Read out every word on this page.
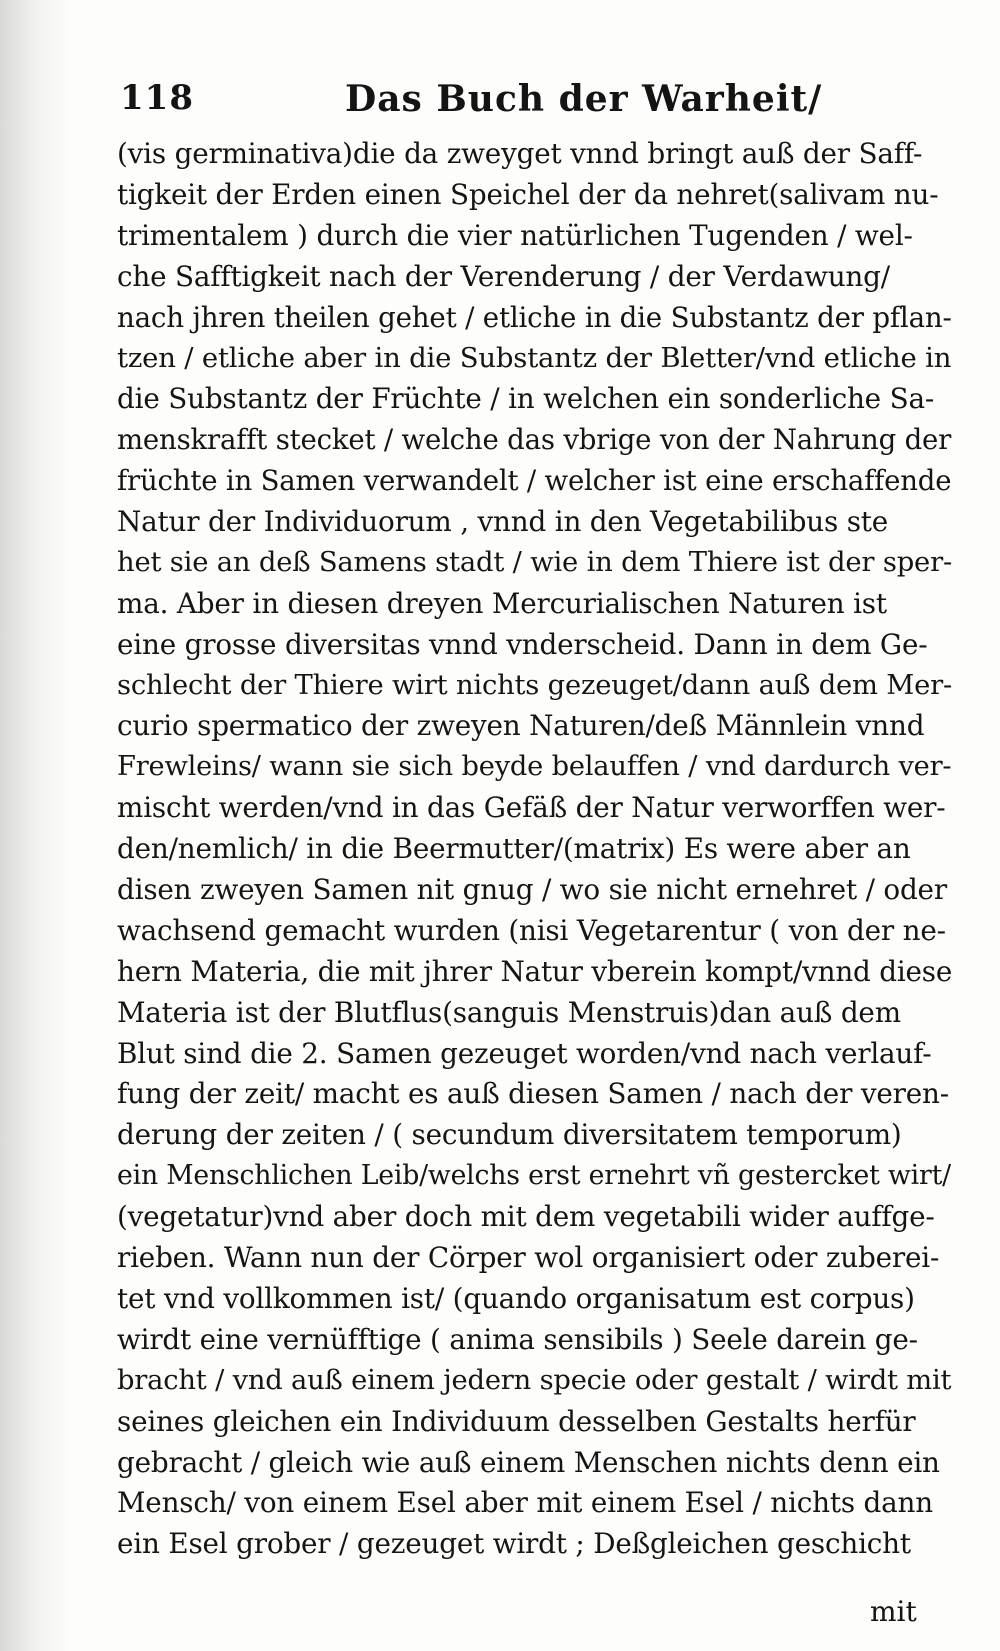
118	Das Buch der Warheit/
(vis germinativa)die da zweyget vnnd bringt auß der Saff-
tigkeit der Erden einen Speichel der da nehret(salivam nu-
trimentalem ) durch die vier natürlichen Tugenden / wel-
che Safftigkeit nach der Verenderung / der Verdawung/
nach jhren theilen gehet / etliche in die Substantz der pflan-
tzen / etliche aber in die Substantz der Bletter/vnd etliche in
die Substantz der Früchte / in welchen ein sonderliche Sa-
menskrafft stecket / welche das vbrige von der Nahrung der
früchte in Samen verwandelt / welcher ist eine erschaffende
Natur der Individuorum , vnnd in den Vegetabilibus ste
het sie an deß Samens stadt / wie in dem Thiere ist der sper-
ma. Aber in diesen dreyen Mercurialischen Naturen ist
eine grosse diversitas vnnd vnderscheid. Dann in dem Ge-
schlecht der Thiere wirt nichts gezeuget/dann auß dem Mer-
curio spermatico der zweyen Naturen/deß Männlein vnnd
Frewleins/ wann sie sich beyde belauffen / vnd dardurch ver-
mischt werden/vnd in das Gefäß der Natur verworffen wer-
den/nemlich/ in die Beermutter/(matrix) Es were aber an
disen zweyen Samen nit gnug / wo sie nicht ernehret / oder
wachsend gemacht wurden (nisi Vegetarentur ( von der ne-
hern Materia, die mit jhrer Natur vberein kompt/vnnd diese
Materia ist der Blutflus(sanguis Menstruis)dan auß dem
Blut sind die 2. Samen gezeuget worden/vnd nach verlauf-
fung der zeit/ macht es auß diesen Samen / nach der veren-
derung der zeiten / ( secundum diversitatem temporum)
ein Menschlichen Leib/welchs erst ernehrt vñ gestercket wirt/
(vegetatur)vnd aber doch mit dem vegetabili wider auffge-
rieben. Wann nun der Cörper wol organisiert oder zuberei-
tet vnd vollkommen ist/ (quando organisatum est corpus)
wirdt eine vernüfftige ( anima sensibils ) Seele darein ge-
bracht / vnd auß einem jedern specie oder gestalt / wirdt mit
seines gleichen ein Individuum desselben Gestalts herfür
gebracht / gleich wie auß einem Menschen nichts denn ein
Mensch/ von einem Esel aber mit einem Esel / nichts dann
ein Esel grober / gezeuget wirdt ; Deßgleichen geschicht
mit
